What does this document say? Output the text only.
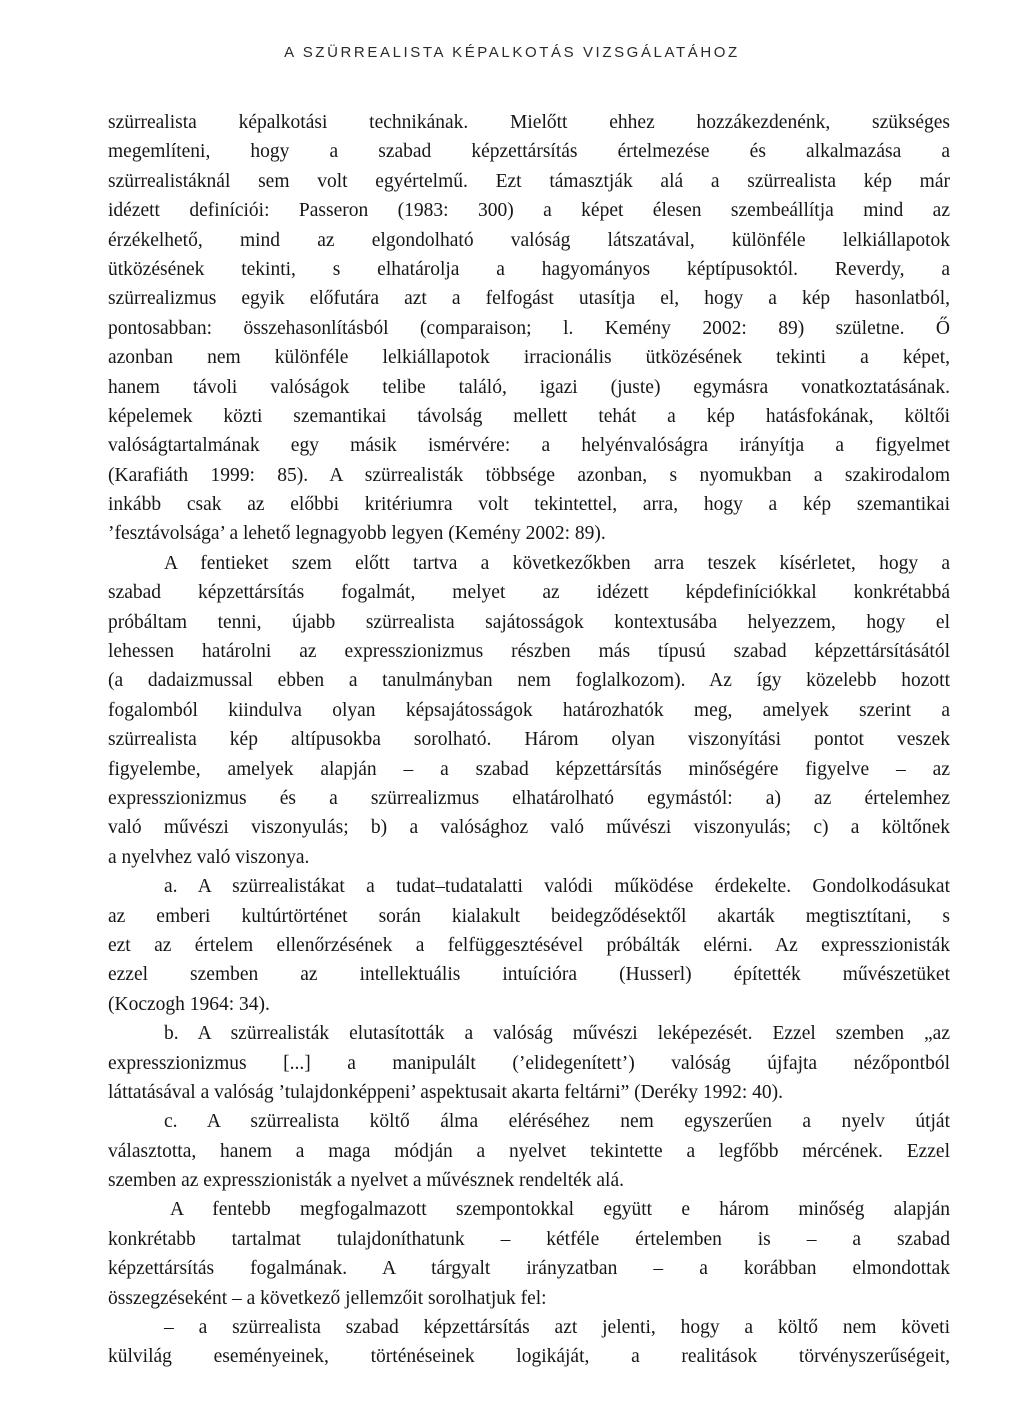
A SZÜRREALISTA KÉPALKOTÁS VIZSGÁLATÁHOZ
szürrealista képalkotási technikának. Mielőtt ehhez hozzákezdenénk, szükséges
megemlíteni, hogy a szabad képzettársítás értelmezése és alkalmazása a
szürrealistáknál sem volt egyértelmű. Ezt támasztják alá a szürrealista kép már
idézett definíciói: Passeron (1983: 300) a képet élesen szembeállítja mind az
érzékelhető, mind az elgondolható valóság látszatával, különféle lelkiállapotok
ütközésének tekinti, s elhatárolja a hagyományos képtípusoktól. Reverdy, a
szürrealizmus egyik előfutára azt a felfogást utasítja el, hogy a kép hasonlatból,
pontosabban: összehasonlításból (comparaison; l. Kemény 2002: 89) születne. Ő
azonban nem különféle lelkiállapotok irracionális ütközésének tekinti a képet,
hanem távoli valóságok telibe találó, igazi (juste) egymásra vonatkoztatásának.
képelemek közti szemantikai távolság mellett tehát a kép hatásfokának, költői
valóságtartalmának egy másik ismérvére: a helyénvalóságra irányítja a figyelmet
(Karafiáth 1999: 85). A szürrealisták többsége azonban, s nyomukban a szakirodalom
inkább csak az előbbi kritériumra volt tekintettel, arra, hogy a kép szemantikai
’fesztávolsága’ a lehető legnagyobb legyen (Kemény 2002: 89).
A fentieket szem előtt tartva a következőkben arra teszek kísérletet, hogy a
szabad képzettársítás fogalmát, melyet az idézett képdefiníciókkal konkrétabbá
próbáltam tenni, újabb szürrealista sajátosságok kontextusába helyezzem, hogy el
lehessen határolni az expresszionizmus részben más típusú szabad képzettársításától
(a dadaizmussal ebben a tanulmányban nem foglalkozom). Az így közelebb hozott
fogalomból kiindulva olyan képsajátosságok határozhatók meg, amelyek szerint a
szürrealista kép altípusokba sorolható. Három olyan viszonyítási pontot veszek
figyelembe, amelyek alapján – a szabad képzettársítás minőségére figyelve – az
expresszionizmus és a szürrealizmus elhatárolható egymástól: a) az értelemhez
való művészi viszonyulás; b) a valósághoz való művészi viszonyulás; c) a költőnek
a nyelvhez való viszonya.
a. A szürrealistákat a tudat–tudatalatti valódi működése érdekelte. Gondolkodásukat
az emberi kultúrtörténet során kialakult beidegződésektől akarták megtisztítani, s
ezt az értelem ellenőrzésének a felfüggesztésével próbálták elérni. Az expresszionisták
ezzel szemben az intellektuális intuícióra (Husserl) építették művészetüket
(Koczogh 1964: 34).
b. A szürrealisták elutasították a valóság művészi leképezését. Ezzel szemben „az
expresszionizmus [...] a manipulált (’elidegenített’) valóság újfajta nézőpontból
láttatásával a valóság ’tulajdonképpeni’ aspektusait akarta feltárni” (Deréky 1992: 40).
c. A szürrealista költő álma eléréséhez nem egyszerűen a nyelv útját
választotta, hanem a maga módján a nyelvet tekintette a legfőbb mércének. Ezzel
szemben az expresszionisták a nyelvet a művésznek rendelték alá.
A fentebb megfogalmazott szempontokkal együtt e három minőség alapján
konkrétabb tartalmat tulajdoníthatunk – kétféle értelemben is – a szabad
képzettársítás fogalmának. A tárgyalt irányzatban – a korábban elmondottak
összegzéseként – a következő jellemzőit sorolhatjuk fel:
– a szürrealista szabad képzettársítás azt jelenti, hogy a költő nem követi
külvilág eseményeinek, történéseinek logikáját, a realitások törvényszerűségeit,
